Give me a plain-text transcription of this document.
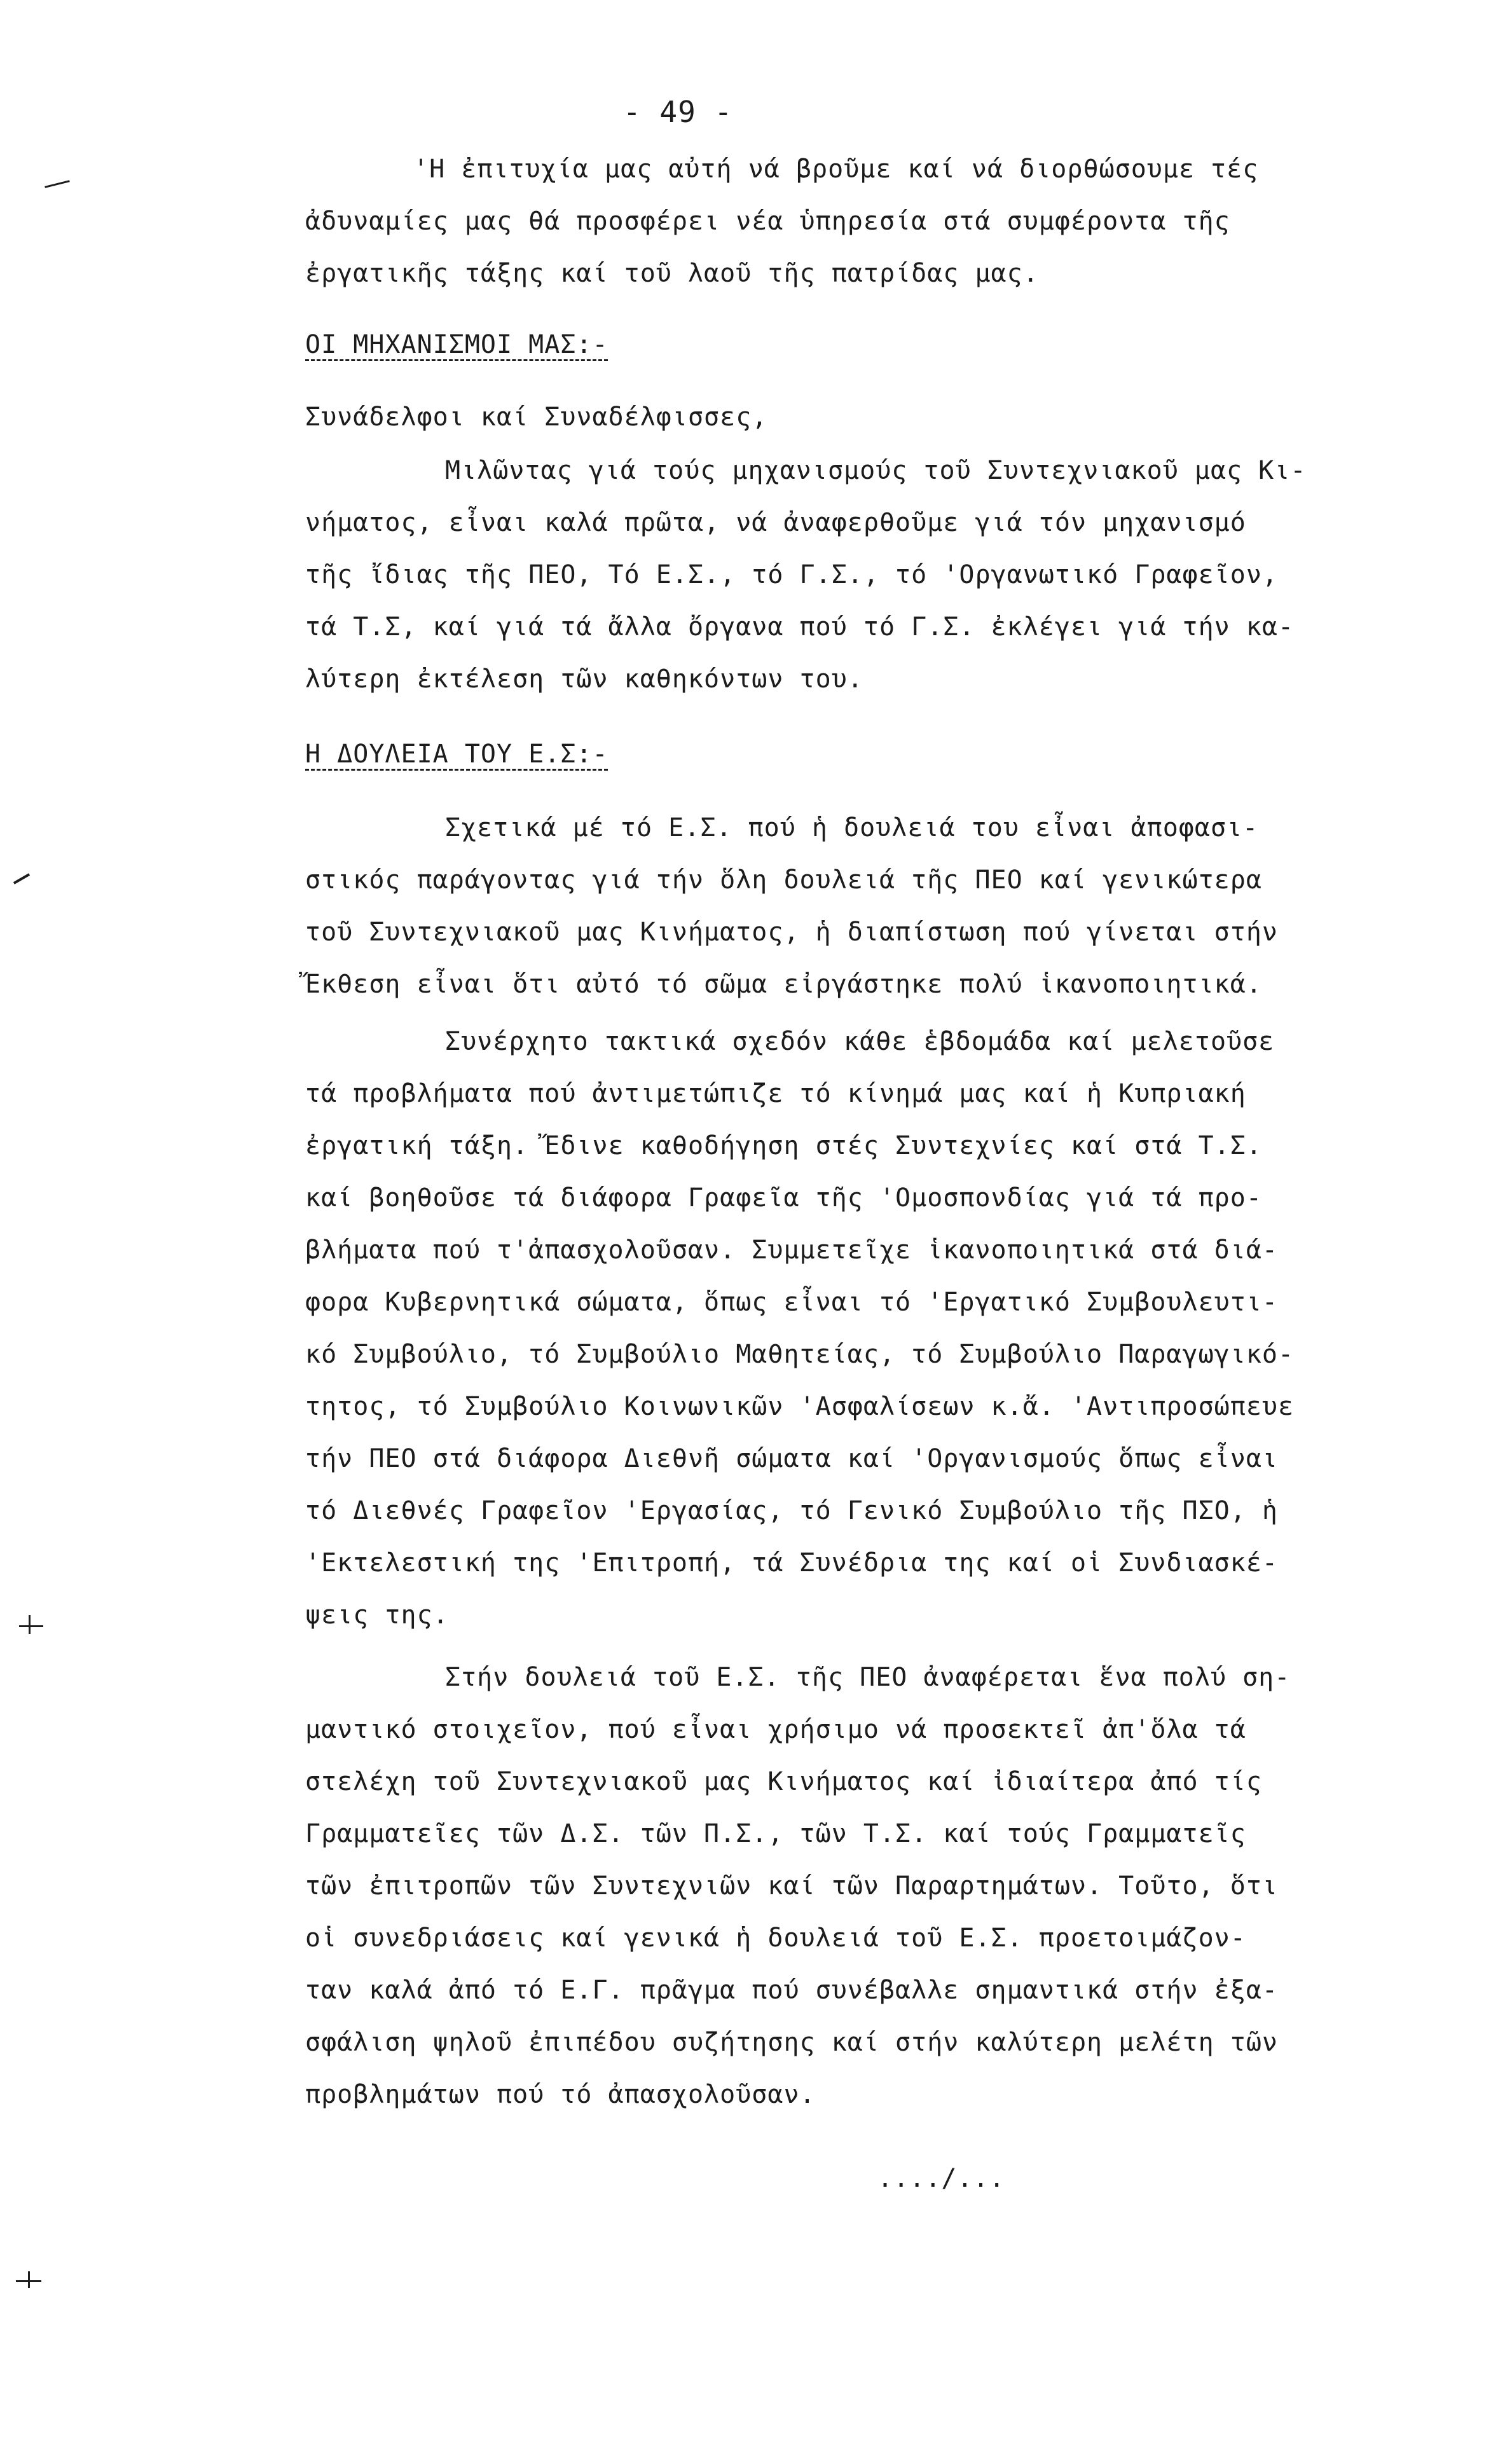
- 49 -
'Η ἐπιτυχία μας αὐτή νά βροῦμε καί νά διορθώσουμε τές
ἀδυναμίες μας θά προσφέρει νέα ὑπηρεσία στά συμφέροντα τῆς
ἐργατικῆς τάξης καί τοῦ λαοῦ τῆς πατρίδας μας.
ΟΙ ΜΗΧΑΝΙΣΜΟΙ ΜΑΣ:-
Συνάδελφοι καί Συναδέλφισσες,
Μιλῶντας γιά τούς μηχανισμούς τοῦ Συντεχνιακοῦ μας Κι-
νήματος, εἶναι καλά πρῶτα, νά ἀναφερθοῦμε γιά τόν μηχανισμό
τῆς ἴδιας τῆς ΠΕΟ, Τό Ε.Σ., τό Γ.Σ., τό 'Οργανωτικό Γραφεῖον,
τά Τ.Σ, καί γιά τά ἄλλα ὄργανα πού τό Γ.Σ. ἐκλέγει γιά τήν κα-
λύτερη ἐκτέλεση τῶν καθηκόντων του.
Η ΔΟΥΛΕΙΑ ΤΟΥ Ε.Σ:-
Σχετικά μέ τό Ε.Σ. πού ἡ δουλειά του εἶναι ἀποφασι-
στικός παράγοντας γιά τήν ὅλη δουλειά τῆς ΠΕΟ καί γενικώτερα
τοῦ Συντεχνιακοῦ μας Κινήματος, ἡ διαπίστωση πού γίνεται στήν
Ἔκθεση εἶναι ὅτι αὐτό τό σῶμα εἰργάστηκε πολύ ἱκανοποιητικά.
Συνέρχητο τακτικά σχεδόν κάθε ἑβδομάδα καί μελετοῦσε
τά προβλήματα πού ἀντιμετώπιζε τό κίνημά μας καί ἡ Κυπριακή
ἐργατική τάξη. Ἔδινε καθοδήγηση στές Συντεχνίες καί στά Τ.Σ.
καί βοηθοῦσε τά διάφορα Γραφεῖα τῆς 'Ομοσπονδίας γιά τά προ-
βλήματα πού τ'ἀπασχολοῦσαν. Συμμετεῖχε ἱκανοποιητικά στά διά-
φορα Κυβερνητικά σώματα, ὅπως εἶναι τό 'Εργατικό Συμβουλευτι-
κό Συμβούλιο, τό Συμβούλιο Μαθητείας, τό Συμβούλιο Παραγωγικό-
τητος, τό Συμβούλιο Κοινωνικῶν 'Ασφαλίσεων κ.ἄ. 'Αντιπροσώπευε
τήν ΠΕΟ στά διάφορα Διεθνῆ σώματα καί 'Οργανισμούς ὅπως εἶναι
τό Διεθνές Γραφεῖον 'Εργασίας, τό Γενικό Συμβούλιο τῆς ΠΣΟ, ἡ
'Εκτελεστική της 'Επιτροπή, τά Συνέδρια της καί οἱ Συνδιασκέ-
ψεις της.
Στήν δουλειά τοῦ Ε.Σ. τῆς ΠΕΟ ἀναφέρεται ἕνα πολύ ση-
μαντικό στοιχεῖον, πού εἶναι χρήσιμο νά προσεκτεῖ ἀπ'ὅλα τά
στελέχη τοῦ Συντεχνιακοῦ μας Κινήματος καί ἰδιαίτερα ἀπό τίς
Γραμματεῖες τῶν Δ.Σ. τῶν Π.Σ., τῶν Τ.Σ. καί τούς Γραμματεῖς
τῶν ἐπιτροπῶν τῶν Συντεχνιῶν καί τῶν Παραρτημάτων. Τοῦτο, ὅτι
οἱ συνεδριάσεις καί γενικά ἡ δουλειά τοῦ Ε.Σ. προετοιμάζον-
ταν καλά ἀπό τό Ε.Γ. πρᾶγμα πού συνέβαλλε σημαντικά στήν ἐξα-
σφάλιση ψηλοῦ ἐπιπέδου συζήτησης καί στήν καλύτερη μελέτη τῶν
προβλημάτων πού τό ἀπασχολοῦσαν.
..../...
